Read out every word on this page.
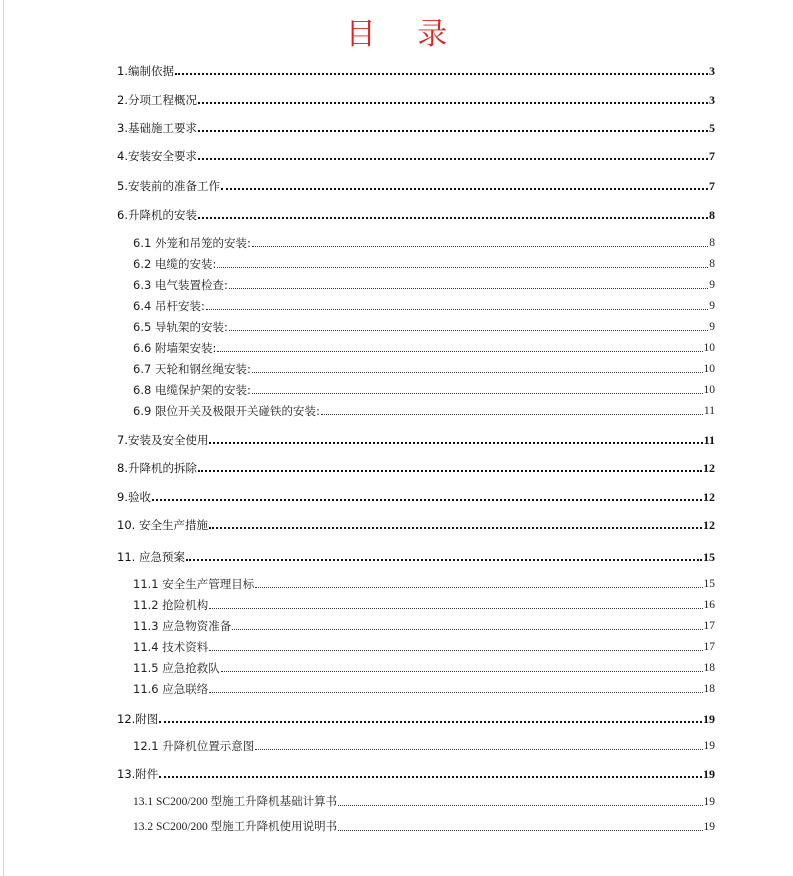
目 录
1.编制依据	3
2.分项工程概况	3
3.基础施工要求	5
4.安装安全要求	7
5.安装前的准备工作	7
6.升降机的安装	8
6.1 外笼和吊笼的安装:	8
6.2 电缆的安装:	8
6.3 电气装置检查:	9
6.4 吊杆安装:	9
6.5 导轨架的安装:	9
6.6 附墙架安装:	10
6.7 天轮和钢丝绳安装:	10
6.8 电缆保护架的安装:	10
6.9 限位开关及极限开关碰铁的安装:	11
7.安装及安全使用	11
8.升降机的拆除	12
9.验收	12
10. 安全生产措施	12
11. 应急预案	15
11.1 安全生产管理目标	15
11.2 抢险机构	16
11.3 应急物资准备	17
11.4 技术资料	17
11.5 应急抢救队	18
11.6 应急联络	18
12.附图	19
12.1 升降机位置示意图	19
13.附件	19
13.1 SC200/200 型施工升降机基础计算书	19
13.2 SC200/200 型施工升降机使用说明书	19
